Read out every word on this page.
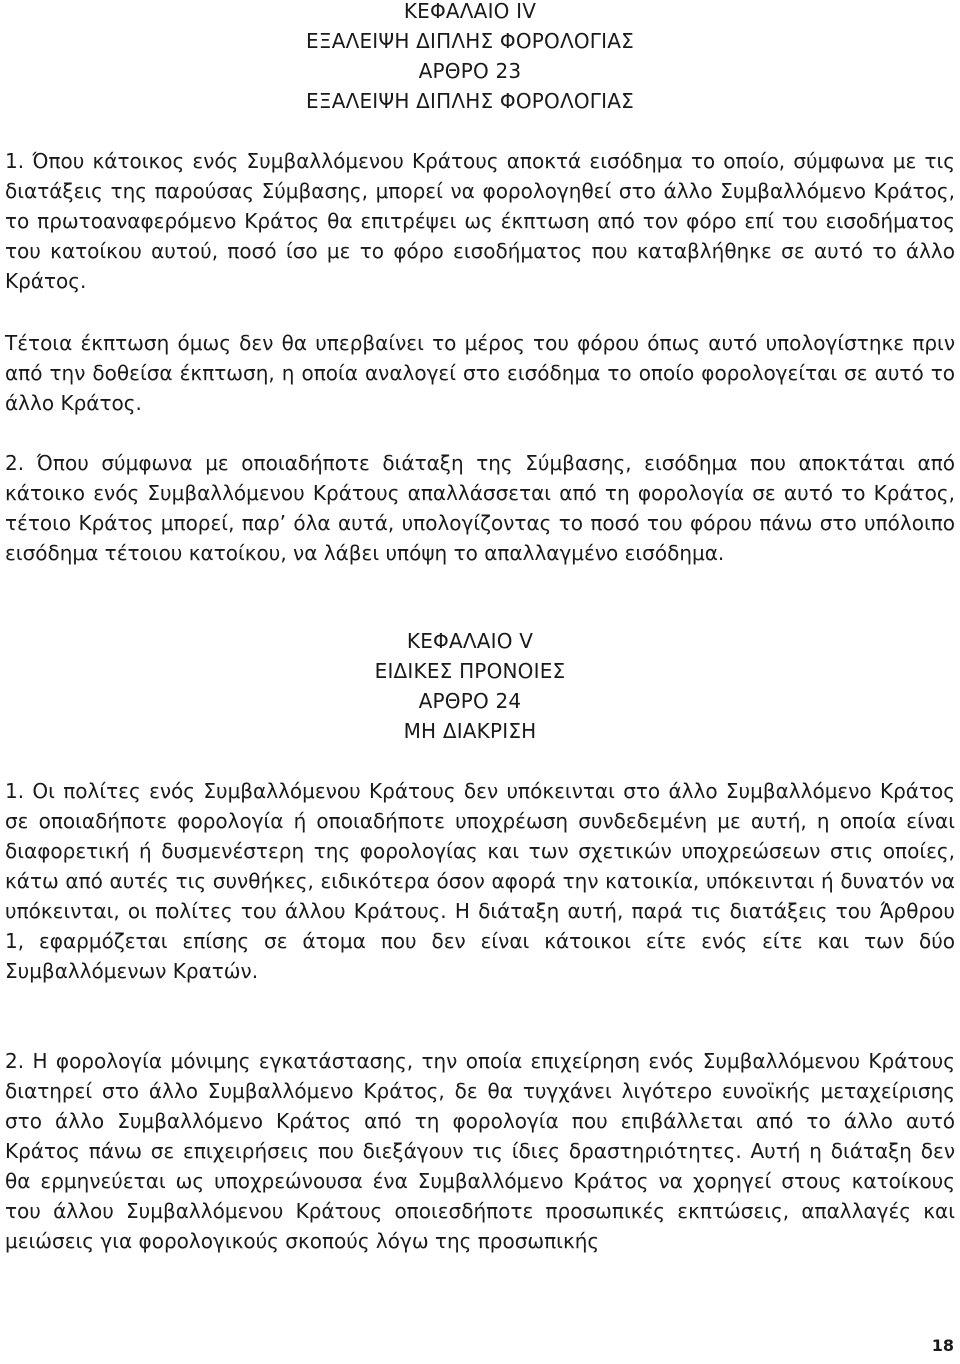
ΚΕΦΑΛΑΙΟ IV
ΕΞΑΛΕΙΨΗ ΔΙΠΛΗΣ ΦΟΡΟΛΟΓΙΑΣ
ΑΡΘΡΟ 23
ΕΞΑΛΕΙΨΗ ΔΙΠΛΗΣ ΦΟΡΟΛΟΓΙΑΣ
1. Όπου κάτοικος ενός Συμβαλλόμενου Κράτους αποκτά εισόδημα το οποίο, σύμφωνα με τις διατάξεις της παρούσας Σύμβασης, μπορεί να φορολογηθεί στο άλλο Συμβαλλόμενο Κράτος, το πρωτοαναφερόμενο Κράτος θα επιτρέψει ως έκπτωση από τον φόρο επί του εισοδήματος του κατοίκου αυτού, ποσό ίσο με το φόρο εισοδήματος που καταβλήθηκε σε αυτό το άλλο Κράτος.
Τέτοια έκπτωση όμως δεν θα υπερβαίνει το μέρος του φόρου όπως αυτό υπολογίστηκε πριν από την δοθείσα έκπτωση, η οποία αναλογεί στο εισόδημα το οποίο φορολογείται σε αυτό το άλλο Κράτος.
2. Όπου σύμφωνα με οποιαδήποτε διάταξη της Σύμβασης, εισόδημα που αποκτάται από κάτοικο ενός Συμβαλλόμενου Κράτους απαλλάσσεται από τη φορολογία σε αυτό το Κράτος, τέτοιο Κράτος μπορεί, παρ’ όλα αυτά, υπολογίζοντας το ποσό του φόρου πάνω στο υπόλοιπο εισόδημα τέτοιου κατοίκου, να λάβει υπόψη το απαλλαγμένο εισόδημα.
ΚΕΦΑΛΑΙΟ V
ΕΙΔΙΚΕΣ ΠΡΟΝΟΙΕΣ
ΑΡΘΡΟ 24
ΜΗ ΔΙΑΚΡΙΣΗ
1. Οι πολίτες ενός Συμβαλλόμενου Κράτους δεν υπόκεινται στο άλλο Συμβαλλόμενο Κράτος σε οποιαδήποτε φορολογία ή οποιαδήποτε υποχρέωση συνδεδεμένη με αυτή, η οποία είναι διαφορετική ή δυσμενέστερη της φορολογίας και των σχετικών υποχρεώσεων στις οποίες, κάτω από αυτές τις συνθήκες, ειδικότερα όσον αφορά την κατοικία, υπόκεινται ή δυνατόν να υπόκεινται, οι πολίτες του άλλου Κράτους. Η διάταξη αυτή, παρά τις διατάξεις του Άρθρου 1, εφαρμόζεται επίσης σε άτομα που δεν είναι κάτοικοι είτε ενός είτε και των δύο Συμβαλλόμενων Κρατών.
2. Η φορολογία μόνιμης εγκατάστασης, την οποία επιχείρηση ενός Συμβαλλόμενου Κράτους διατηρεί στο άλλο Συμβαλλόμενο Κράτος, δε θα τυγχάνει λιγότερο ευνοϊκής μεταχείρισης στο άλλο Συμβαλλόμενο Κράτος από τη φορολογία που επιβάλλεται από το άλλο αυτό Κράτος πάνω σε επιχειρήσεις που διεξάγουν τις ίδιες δραστηριότητες. Αυτή η διάταξη δεν θα ερμηνεύεται ως υποχρεώνουσα ένα Συμβαλλόμενο Κράτος να χορηγεί στους κατοίκους του άλλου Συμβαλλόμενου Κράτους οποιεσδήποτε προσωπικές εκπτώσεις, απαλλαγές και μειώσεις για φορολογικούς σκοπούς λόγω της προσωπικής
18
